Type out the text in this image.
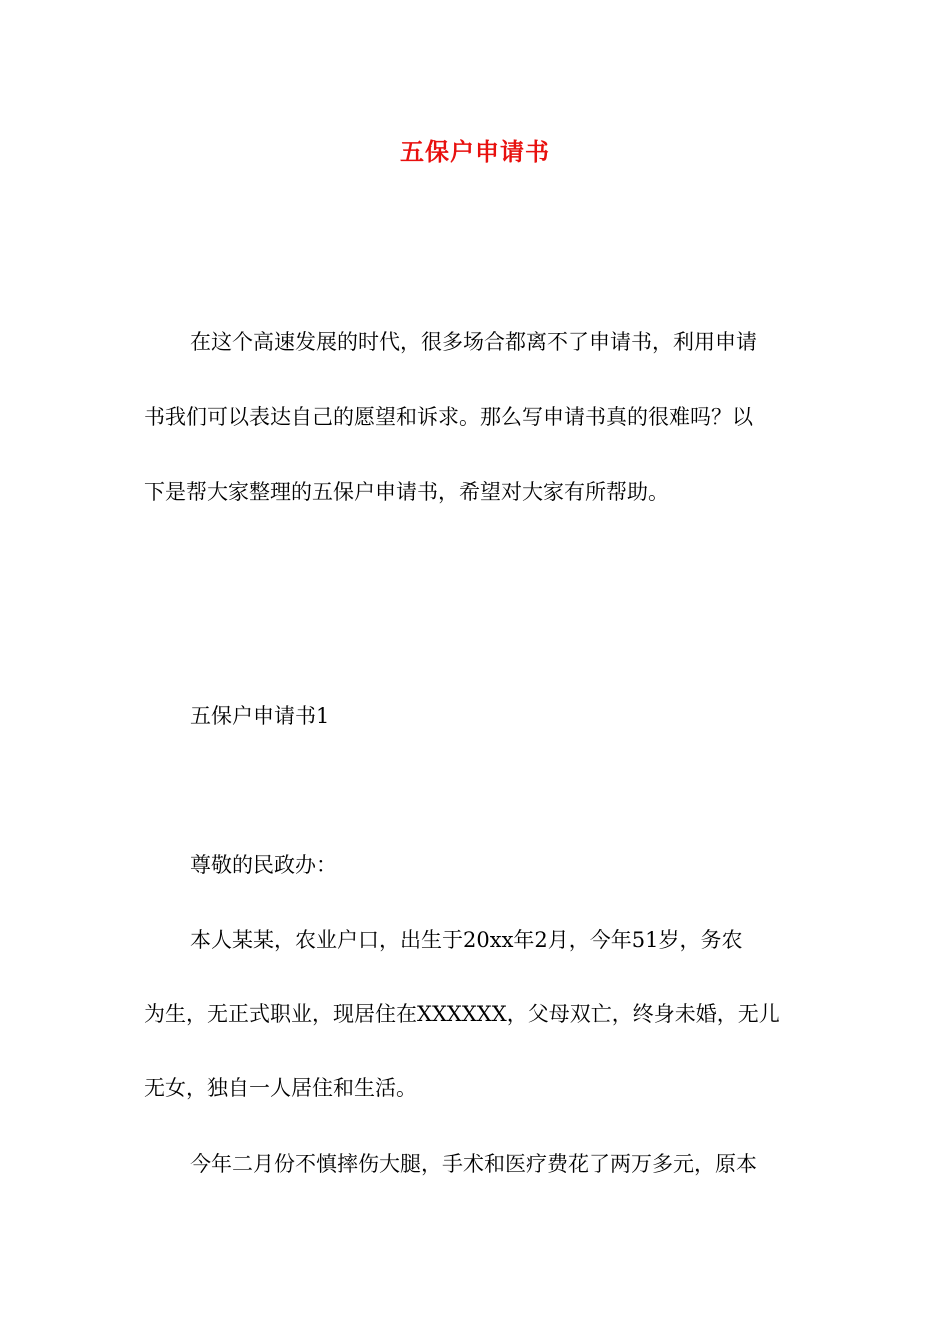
五保户申请书
在这个高速发展的时代，很多场合都离不了申请书，利用申请
书我们可以表达自己的愿望和诉求。那么写申请书真的很难吗？以
下是帮大家整理的五保户申请书，希望对大家有所帮助。
五保户申请书1
尊敬的民政办：
本人某某，农业户口，出生于20xx年2月，今年51岁，务农
为生，无正式职业，现居住在XXXXXX，父母双亡，终身未婚，无儿
无女，独自一人居住和生活。
今年二月份不慎摔伤大腿，手术和医疗费花了两万多元，原本
